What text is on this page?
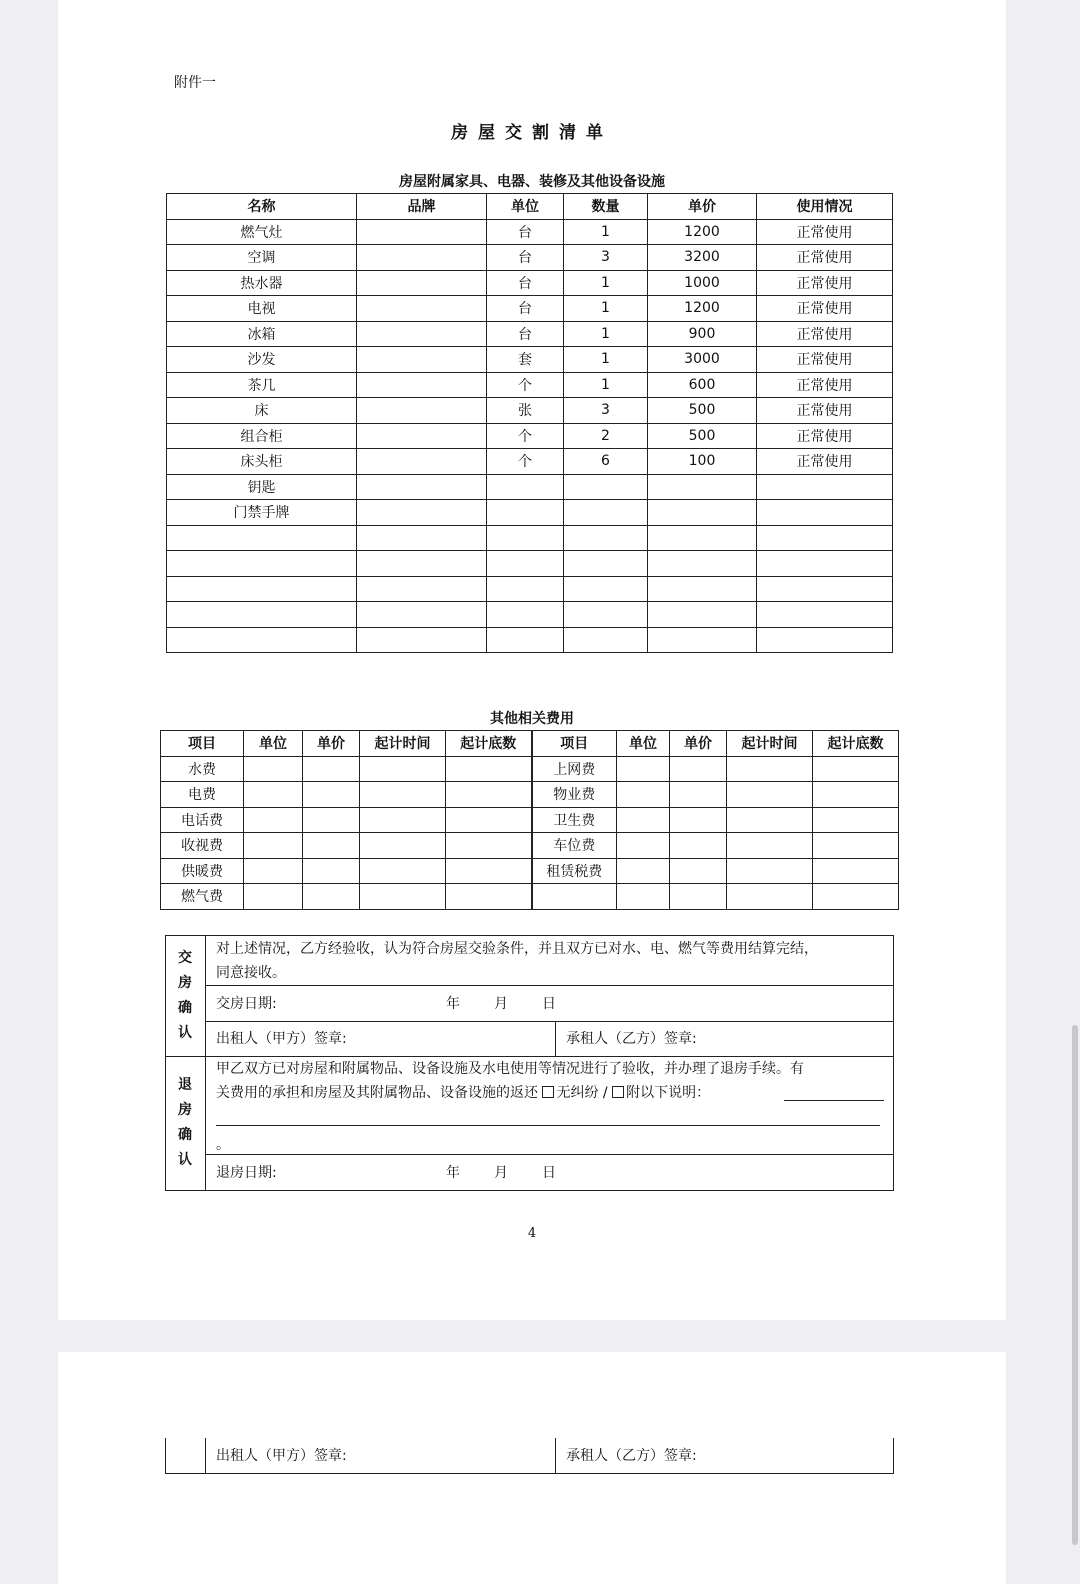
附件一
房屋交割清单
房屋附属家具、电器、装修及其他设备设施
名称	品牌	单位	数量	单价	使用情况
燃气灶		台	1	1200	正常使用
空调		台	3	3200	正常使用
热水器		台	1	1000	正常使用
电视		台	1	1200	正常使用
冰箱		台	1	900	正常使用
沙发		套	1	3000	正常使用
茶几		个	1	600	正常使用
床		张	3	500	正常使用
组合柜		个	2	500	正常使用
床头柜		个	6	100	正常使用
钥匙					
门禁手牌					

其他相关费用
项目	单位	单价	起计时间	起计底数	项目	单位	单价	起计时间	起计底数
水费					上网费				
电费					物业费				
电话费					卫生费				
收视费					车位费				
供暖费					租赁税费				
燃气费									
交
房
确
认
对上述情况，乙方经验收，认为符合房屋交验条件，并且双方已对水、电、燃气等费用结算完结，
同意接收。
交房日期:	年 月 日
出租人（甲方）签章:	承租人（乙方）签章:
退
房
确
认
甲乙双方已对房屋和附属物品、设备设施及水电使用等情况进行了验收，并办理了退房手续。有
关费用的承担和房屋及其附属物品、设备设施的返还 无纠纷 / 附以下说明：
。
退房日期:	年 月 日
4
出租人（甲方）签章:	承租人（乙方）签章:
